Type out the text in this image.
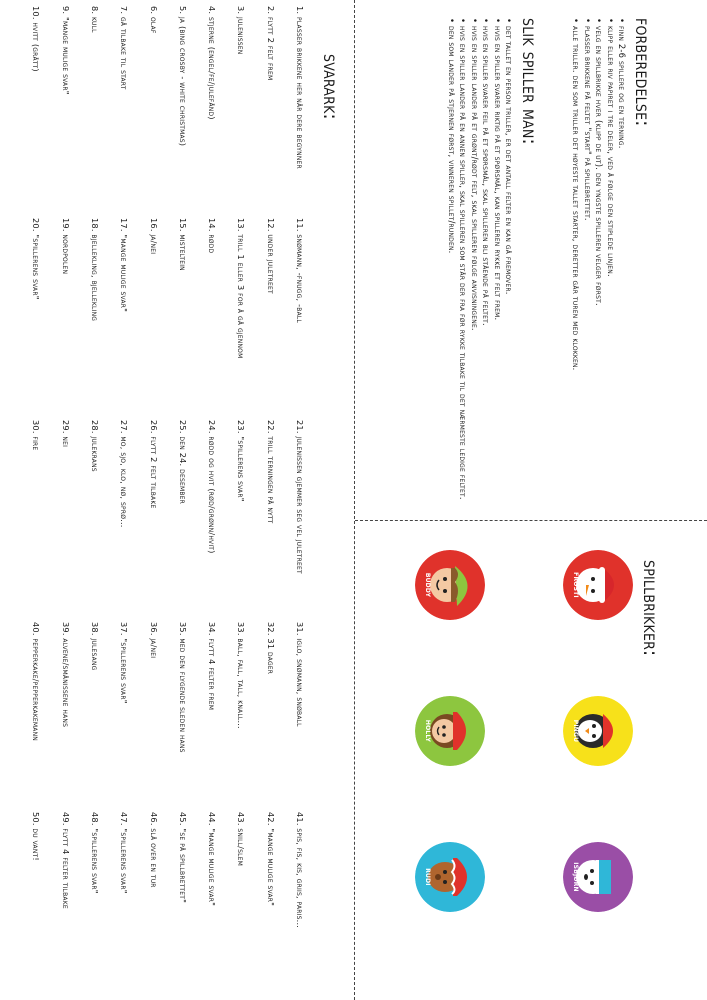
forberedelse:
• finn 2-6 spillere og en terning.
• klipp eller riv papiret i tre deler, ved å følge den stiplede linjen.
• velg en spillbrikke hver (klipp de ut). den yngste spilleren velger først.
• plasser brikkene på feltet "start" på spillebrettet.
• alle triller. den som triller det høyeste tallet starter, deretter går turen med klokken.
slik spiller man:
• det tallet en person triller, er det antall felter en kan gå fremover.
• hvis en spiller svarer riktig på et spørsmål, kan spilleren rykke et felt frem.
• hvis en spiller svarer feil på et spørsmål, skal spilleren bli stående på feltet.
• hvis en spiller lander på et grønt/rødt felt, skal spilleren følge anvisningene.
• hvis en spiller lander på en annen spiller, skal spilleren som står der fra før rykke tilbake til det nærmeste ledige feltet.
• den som lander på stjernen først, vinneren spillet/runden.
svarark:
1. plasser brikkene her når dere begynner
2. flytt 2 felt frem
3. julenissen
4. stjerne (engel/fe/julefånd)
5. ja (bing crosby - white christmas)
6. olaf
7. gå tilbake til start
8. kull
9. "mange mulige svar"
10. hvitt (grått)
11. snømann, -fnugg, -ball
12. under juletreet
13. trill 1 eller 3 for å gå gjennom
14. rødd
15. misteltein
16. ja/nei
17. "mange mulige svar"
18. bjellekling, bjellekling
19. nordpolen
20. "spillerens svar"
21. julenissen gjemmer seg vel juletreet
22. trill terningen på nytt
23. "spillerens svar"
24. rødd og hvit (rød/grønn/hvit)
25. den 24. desember
26. flytt 2 felt tilbake
27. mo, sjo, klo, nø, sprø...
28. julekrans
29. nei
30. fire
31. iglo, snømann, snøball
32. 31 dager
33. ball, fall, tall, knall...
34. flytt 4 felter frem
35. med den flygende sleden hans
36. ja/nei
37. "spillerens svar"
38. julesang
39. alvene/smånissene hans
40. pepperkake/pepperkakemann
41. spis, fis, kis, griis, paris...
42. "mange mulige svar"
43. snill/slem
44. "mange mulige svar"
45. "se på spillbrettet"
46. slå over en tur
47. "spillerens svar"
48. "spillerens svar"
49. flytt 4 felter tilbake
50. du vant!
spillbrikker:
frosti
pingu
isbjørn
buddy
holly
rudi
